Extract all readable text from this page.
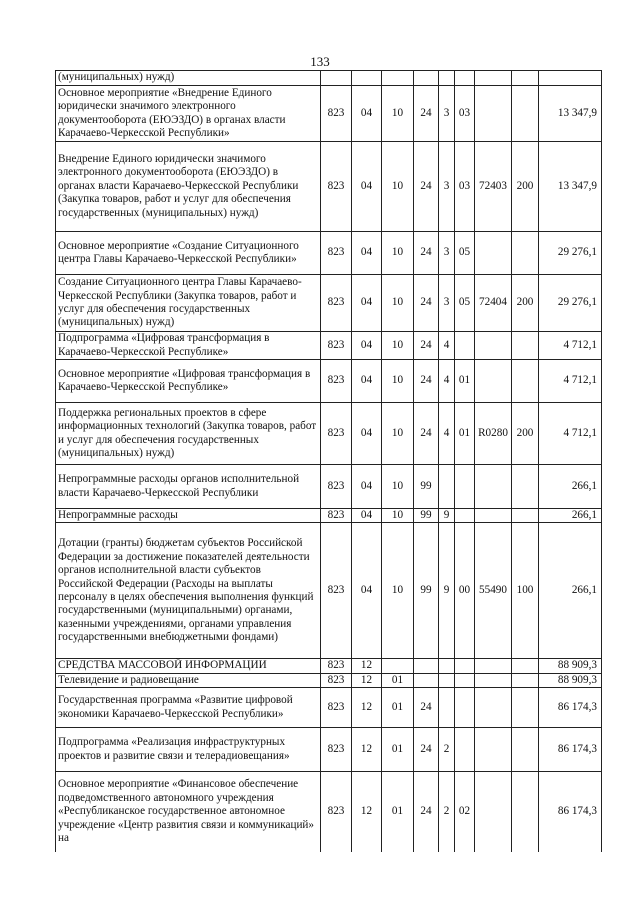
133
(муниципальных) нужд)									
Основное мероприятие «Внедрение Единого юридически значимого электронного документооборота (ЕЮЭЗДО) в органах власти Карачаево-Черкесской Республики»	823	04	10	24	3	03			13 347,9
Внедрение Единого юридически значимого электронного документооборота (ЕЮЭЗДО) в органах власти Карачаево-Черкесской Республики (Закупка товаров, работ и услуг для обеспечения государственных (муниципальных) нужд)	823	04	10	24	3	03	72403	200	13 347,9
Основное мероприятие «Создание Ситуационного центра Главы Карачаево-Черкесской Республики»	823	04	10	24	3	05			29 276,1
Создание Ситуационного центра Главы Карачаево-Черкесской Республики (Закупка товаров, работ и услуг для обеспечения государственных (муниципальных) нужд)	823	04	10	24	3	05	72404	200	29 276,1
Подпрограмма «Цифровая трансформация в Карачаево-Черкесской Республике»	823	04	10	24	4				4 712,1
Основное мероприятие «Цифровая трансформация в Карачаево-Черкесской Республике»	823	04	10	24	4	01			4 712,1
Поддержка региональных проектов в сфере информационных технологий (Закупка товаров, работ и услуг для обеспечения государственных (муниципальных) нужд)	823	04	10	24	4	01	R0280	200	4 712,1
Непрограммные расходы органов исполнительной власти Карачаево-Черкесской Республики	823	04	10	99					266,1
Непрограммные расходы	823	04	10	99	9				266,1
Дотации (гранты) бюджетам субъектов Российской Федерации за достижение показателей деятельности органов исполнительной власти субъектов Российской Федерации (Расходы на выплаты персоналу в целях обеспечения выполнения функций государственными (муниципальными) органами, казенными учреждениями, органами управления государственными внебюджетными фондами)	823	04	10	99	9	00	55490	100	266,1
СРЕДСТВА МАССОВОЙ ИНФОРМАЦИИ	823	12							88 909,3
Телевидение и радиовещание	823	12	01						88 909,3
Государственная программа «Развитие цифровой экономики Карачаево-Черкесской Республики»	823	12	01	24					86 174,3
Подпрограмма «Реализация инфраструктурных проектов и развитие связи и телерадиовещания»	823	12	01	24	2				86 174,3
Основное мероприятие «Финансовое обеспечение подведомственного автономного учреждения «Республиканское государственное автономное учреждение «Центр развития связи и коммуникаций» на	823	12	01	24	2	02			86 174,3
